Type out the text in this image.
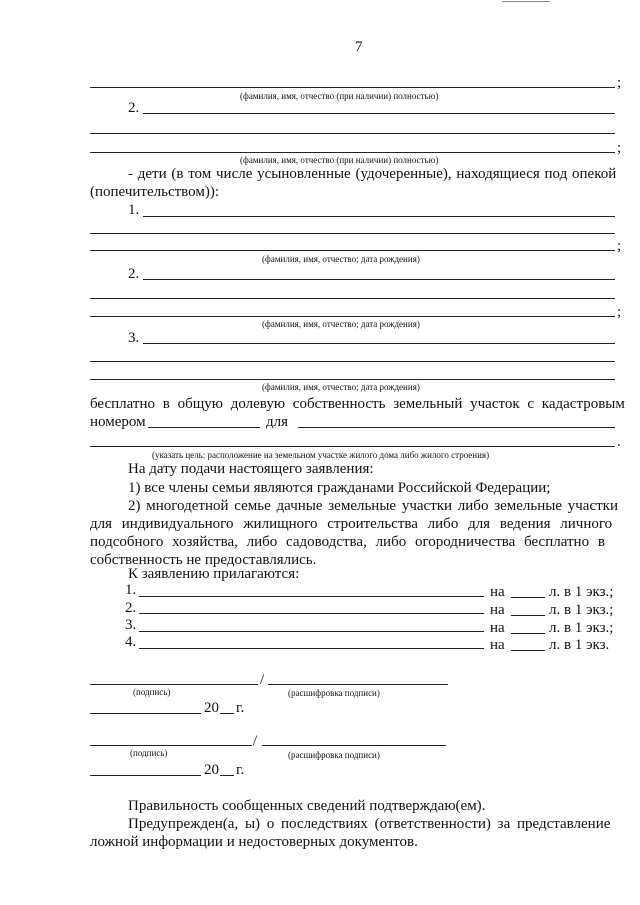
7
;
(фамилия, имя, отчество (при наличии) полностью)
2.
;
(фамилия, имя, отчество (при наличии) полностью)
- дети (в том числе усыновленные (удочеренные), находящиеся под опекой
(попечительством)):
1.
;
(фамилия, имя, отчество; дата рождения)
2.
;
(фамилия, имя, отчество; дата рождения)
3.
(фамилия, имя, отчество; дата рождения)
бесплатно в общую долевую собственность земельный участок с кадастровым
номером	для
.
(указать цель: расположение на земельном участке жилого дома либо жилого строения)
На дату подачи настоящего заявления:
1) все члены семьи являются гражданами Российской Федерации;
2) многодетной семье дачные земельные участки либо земельные участки
для индивидуального жилищного строительства либо для ведения личного
подсобного хозяйства, либо садоводства, либо огородничества бесплатно в
собственность не предоставлялись.
К заявлению прилагаются:
1.	на	л. в 1 экз.;
2.	на	л. в 1 экз.;
3.	на	л. в 1 экз.;
4.	на	л. в 1 экз.
/
(подпись)	(расшифровка подписи)
20 г.
/
(подпись)	(расшифровка подписи)
20 г.
Правильность сообщенных сведений подтверждаю(ем).
Предупрежден(а, ы) о последствиях (ответственности) за представление
ложной информации и недостоверных документов.
